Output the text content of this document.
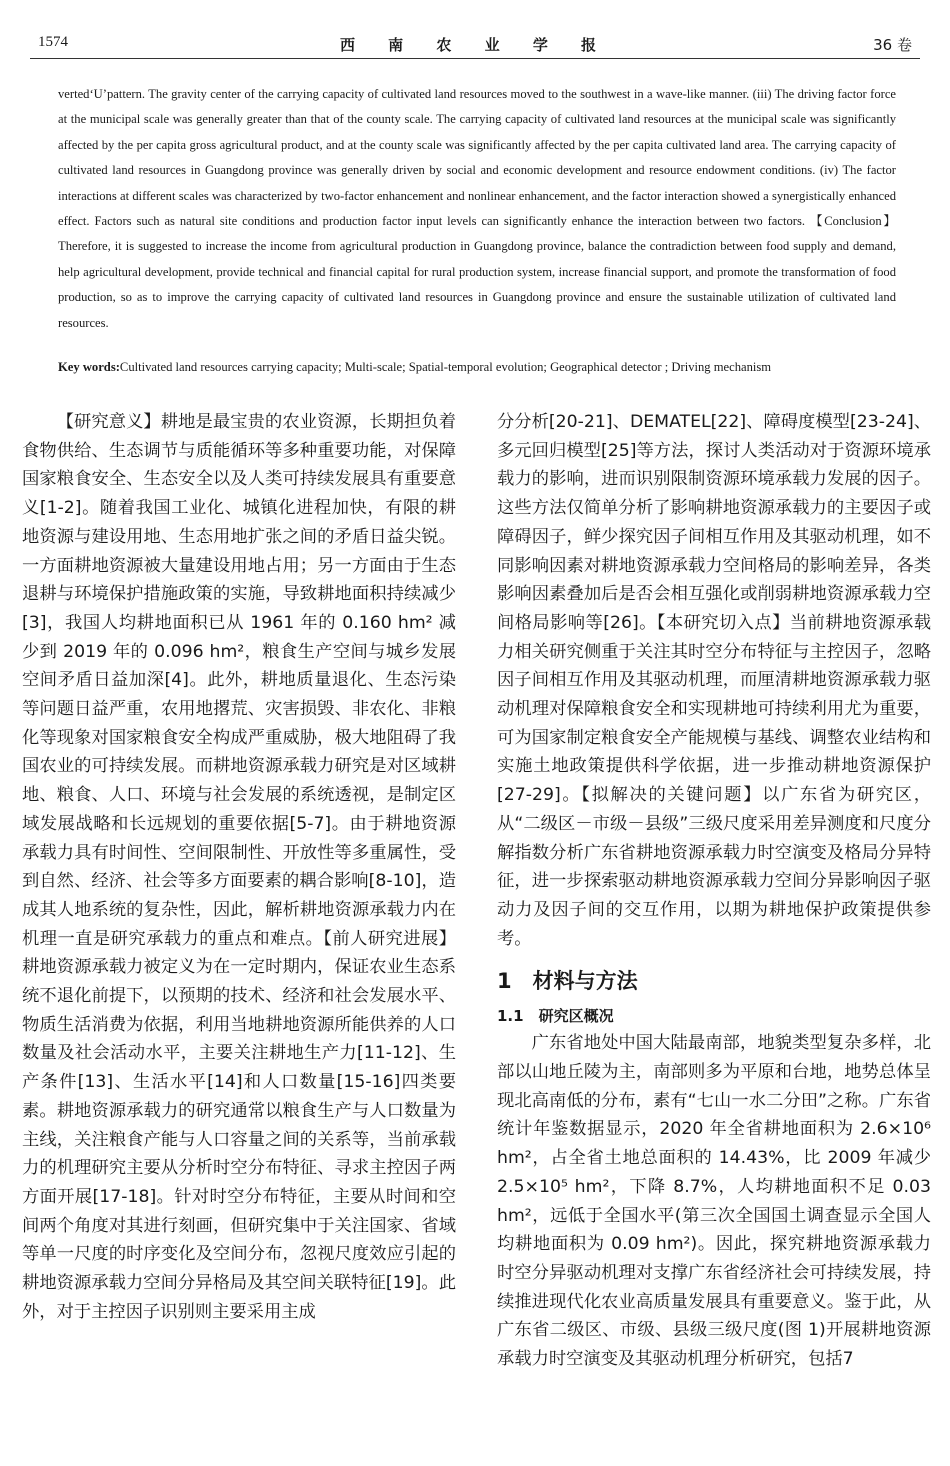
1574	西 南 农 业 学 报	36 卷

verted‘U’pattern. The gravity center of the carrying capacity of cultivated land resources moved to the southwest in a wave-like manner. (iii) The driving factor force at the municipal scale was generally greater than that of the county scale. The carrying capacity of cultivated land resources at the municipal scale was significantly affected by the per capita gross agricultural product, and at the county scale was significantly affected by the per capita cultivated land area. The carrying capacity of cultivated land resources in Guangdong province was generally driven by social and economic development and resource endowment conditions. (iv) The factor interactions at different scales was characterized by two-factor enhancement and nonlinear enhancement, and the factor interaction showed a synergistically enhanced effect. Factors such as natural site conditions and production factor input levels can significantly enhance the interaction between two factors. 【Conclusion】Therefore, it is suggested to increase the income from agricultural production in Guangdong province, balance the contradiction between food supply and demand, help agricultural development, provide technical and financial capital for rural production system, increase financial support, and promote the transformation of food production, so as to improve the carrying capacity of cultivated land resources in Guangdong province and ensure the sustainable utilization of cultivated land resources.

Key words:Cultivated land resources carrying capacity; Multi-scale; Spatial-temporal evolution; Geographical detector ; Driving mechanism

【研究意义】耕地是最宝贵的农业资源，长期担负着食物供给、生态调节与质能循环等多种重要功能，对保障国家粮食安全、生态安全以及人类可持续发展具有重要意义[1-2]。随着我国工业化、城镇化进程加快，有限的耕地资源与建设用地、生态用地扩张之间的矛盾日益尖锐。一方面耕地资源被大量建设用地占用；另一方面由于生态退耕与环境保护措施政策的实施，导致耕地面积持续减少[3]，我国人均耕地面积已从 1961 年的 0.160 hm² 减少到 2019 年的 0.096 hm²，粮食生产空间与城乡发展空间矛盾日益加深[4]。此外，耕地质量退化、生态污染等问题日益严重，农用地撂荒、灾害损毁、非农化、非粮化等现象对国家粮食安全构成严重威胁，极大地阻碍了我国农业的可持续发展。而耕地资源承载力研究是对区域耕地、粮食、人口、环境与社会发展的系统透视，是制定区域发展战略和长远规划的重要依据[5-7]。由于耕地资源承载力具有时间性、空间限制性、开放性等多重属性，受到自然、经济、社会等多方面要素的耦合影响[8-10]，造成其人地系统的复杂性，因此，解析耕地资源承载力内在机理一直是研究承载力的重点和难点。【前人研究进展】耕地资源承载力被定义为在一定时期内，保证农业生态系统不退化前提下，以预期的技术、经济和社会发展水平、物质生活消费为依据，利用当地耕地资源所能供养的人口数量及社会活动水平，主要关注耕地生产力[11-12]、生产条件[13]、生活水平[14]和人口数量[15-16]四类要素。耕地资源承载力的研究通常以粮食生产与人口数量为主线，关注粮食产能与人口容量之间的关系等，当前承载力的机理研究主要从分析时空分布特征、寻求主控因子两方面开展[17-18]。针对时空分布特征，主要从时间和空间两个角度对其进行刻画，但研究集中于关注国家、省域等单一尺度的时序变化及空间分布，忽视尺度效应引起的耕地资源承载力空间分异格局及其空间关联特征[19]。此外，对于主控因子识别则主要采用主成

分分析[20-21]、DEMATEL[22]、障碍度模型[23-24]、多元回归模型[25]等方法，探讨人类活动对于资源环境承载力的影响，进而识别限制资源环境承载力发展的因子。这些方法仅简单分析了影响耕地资源承载力的主要因子或障碍因子，鲜少探究因子间相互作用及其驱动机理，如不同影响因素对耕地资源承载力空间格局的影响差异，各类影响因素叠加后是否会相互强化或削弱耕地资源承载力空间格局影响等[26]。【本研究切入点】当前耕地资源承载力相关研究侧重于关注其时空分布特征与主控因子，忽略因子间相互作用及其驱动机理，而厘清耕地资源承载力驱动机理对保障粮食安全和实现耕地可持续利用尤为重要，可为国家制定粮食安全产能规模与基线、调整农业结构和实施土地政策提供科学依据，进一步推动耕地资源保护[27-29]。【拟解决的关键问题】以广东省为研究区，从“二级区－市级－县级”三级尺度采用差异测度和尺度分解指数分析广东省耕地资源承载力时空演变及格局分异特征，进一步探索驱动耕地资源承载力空间分异影响因子驱动力及因子间的交互作用，以期为耕地保护政策提供参考。

1　材料与方法
1.1　研究区概况

广东省地处中国大陆最南部，地貌类型复杂多样，北部以山地丘陵为主，南部则多为平原和台地，地势总体呈现北高南低的分布，素有“七山一水二分田”之称。广东省统计年鉴数据显示，2020 年全省耕地面积为 2.6×10⁶ hm²，占全省土地总面积的 14.43%，比 2009 年减少 2.5×10⁵ hm²，下降 8.7%，人均耕地面积不足 0.03 hm²，远低于全国水平(第三次全国国土调查显示全国人均耕地面积为 0.09 hm²)。因此，探究耕地资源承载力时空分异驱动机理对支撑广东省经济社会可持续发展，持续推进现代化农业高质量发展具有重要意义。鉴于此，从广东省二级区、市级、县级三级尺度(图 1)开展耕地资源承载力时空演变及其驱动机理分析研究，包括7
